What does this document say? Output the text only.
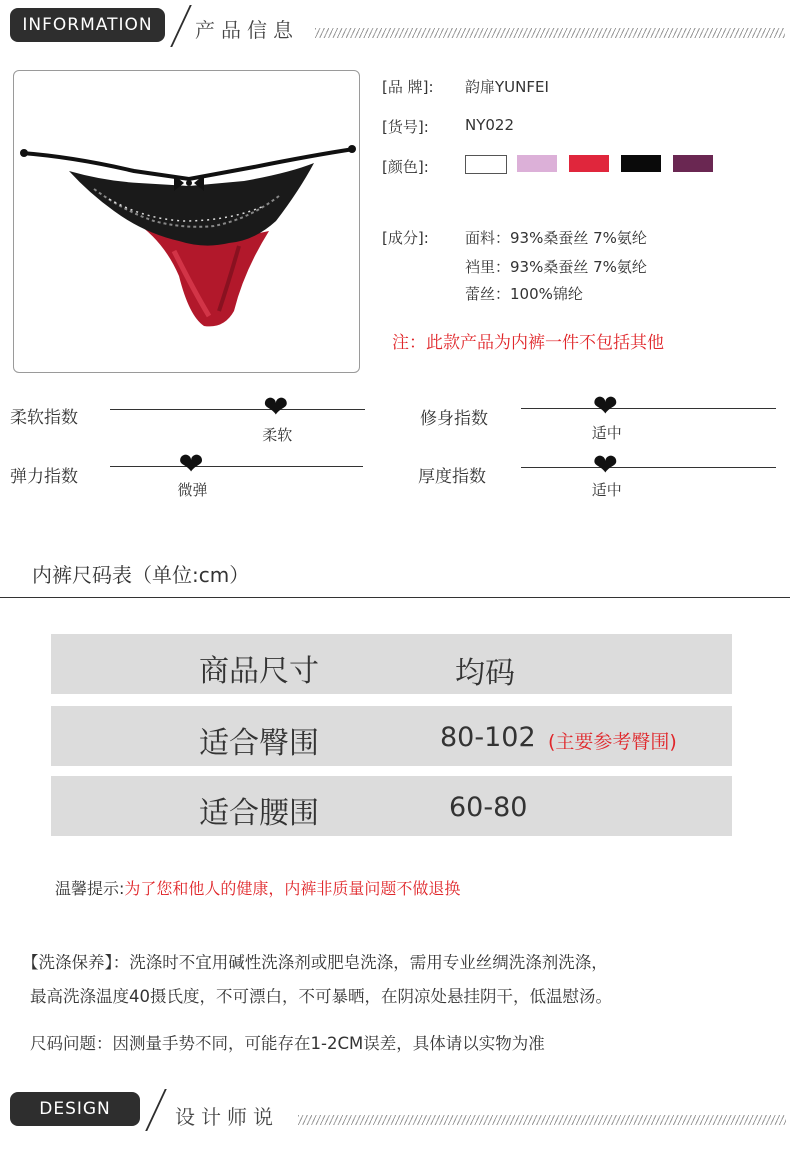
INFORMATION	产品信息
[品 牌]: 韵扉YUNFEI
[货号]: NY022
[颜色]:
[成分]: 面料：93%桑蚕丝 7%氨纶
裆里：93%桑蚕丝 7%氨纶
蕾丝：100%锦纶
注：此款产品为内裤一件不包括其他
柔软指数	❤
柔软
修身指数	❤
适中
弹力指数	❤
微弹
厚度指数	❤
适中
内裤尺码表（单位:cm）
商品尺寸	均码
适合臀围	80-102 (主要参考臀围)
适合腰围	60-80
温馨提示:为了您和他人的健康，内裤非质量问题不做退换
【洗涤保养】：洗涤时不宜用碱性洗涤剂或肥皂洗涤，需用专业丝绸洗涤剂洗涤，
最高洗涤温度40摄氏度，不可漂白，不可暴晒，在阴凉处悬挂阴干，低温慰汤。
尺码问题：因测量手势不同，可能存在1-2CM误差，具体请以实物为准
DESIGN	设计师说
